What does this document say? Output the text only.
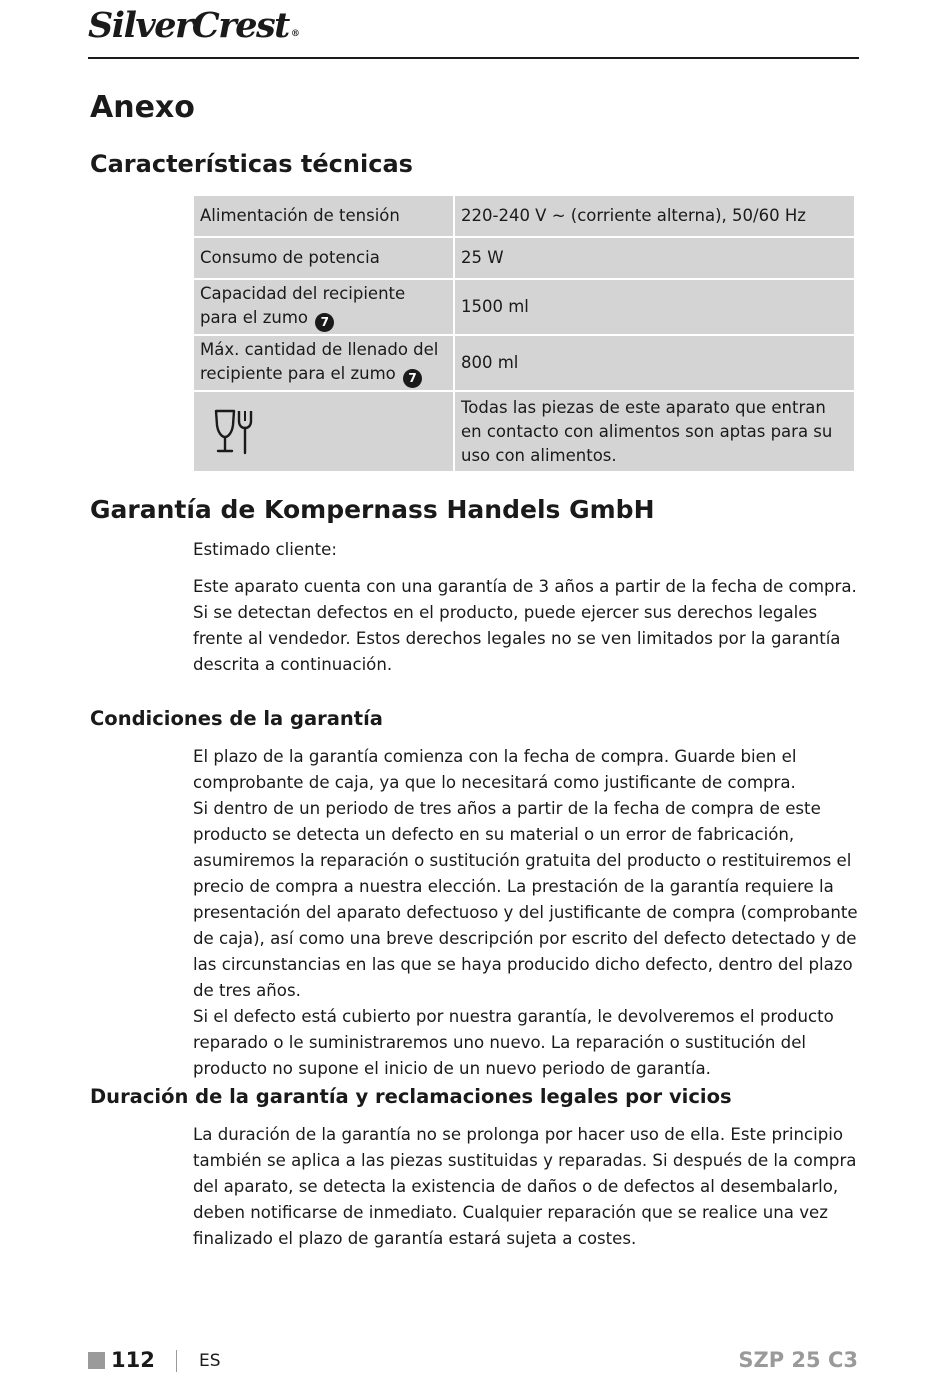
SilverCrest ®
Anexo
Características técnicas
Alimentación de tensión	220-240 V ~ (corriente alterna), 50/60 Hz
Consumo de potencia	25 W
Capacidad del recipiente
para el zumo 7	1500 ml
Máx. cantidad de llenado del
recipiente para el zumo 7	800 ml

	Todas las piezas de este aparato que entran en contacto con alimentos son aptas para su uso con alimentos.
Garantía de Kompernass Handels GmbH
Estimado cliente:
Este aparato cuenta con una garantía de 3 años a partir de la fecha de compra. Si se detectan defectos en el producto, puede ejercer sus derechos legales frente al vendedor. Estos derechos legales no se ven limitados por la garantía descrita a continuación.
Condiciones de la garantía

El plazo de la garantía comienza con la fecha de compra. Guarde bien el comprobante de caja, ya que lo necesitará como justificante de compra.

Si dentro de un periodo de tres años a partir de la fecha de compra de este producto se detecta un defecto en su material o un error de fabricación, asumiremos la reparación o sustitución gratuita del producto o restituiremos el precio de compra a nuestra elección. La prestación de la garantía requiere la presentación del aparato defectuoso y del justificante de compra (comprobante de caja), así como una breve descripción por escrito del defecto detectado y de las circunstancias en las que se haya producido dicho defecto, dentro del plazo de tres años.

Si el defecto está cubierto por nuestra garantía, le devolveremos el producto reparado o le suministraremos uno nuevo. La reparación o sustitución del producto no supone el inicio de un nuevo periodo de garantía.

Duración de la garantía y reclamaciones legales por vicios
La duración de la garantía no se prolonga por hacer uso de ella. Este principio también se aplica a las piezas sustituidas y reparadas. Si después de la compra del aparato, se detecta la existencia de daños o de defectos al desembalarlo, deben notificarse de inmediato. Cualquier reparación que se realice una vez finalizado el plazo de garantía estará sujeta a costes.
112	ES	SZP 25 C3
